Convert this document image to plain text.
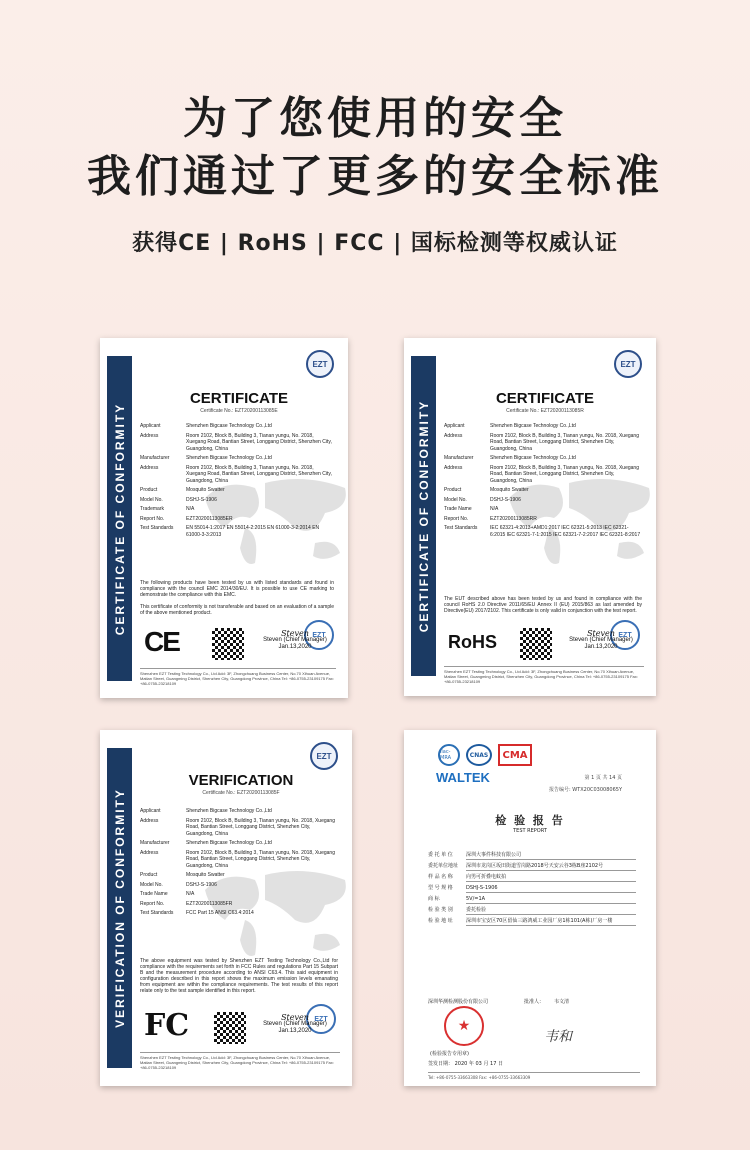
为了您使用的安全
我们通过了更多的安全标准
获得CE | RoHS | FCC | 国标检测等权威认证
CERTIFICATE OF CONFORMITY
EZT
CERTIFICATE
Certificate No.: EZT20200113085E
Applicant	Shenzhen Bigcase Technology Co.,Ltd
Address	Room 2102, Block B, Building 3, Tianan yungu, No. 2018, Xuegang Road, Bantian Street, Longgang District, Shenzhen City, Guangdong, China
Manufacturer	Shenzhen Bigcase Technology Co.,Ltd
Address	Room 2102, Block B, Building 3, Tianan yungu, No. 2018, Xuegang Road, Bantian Street, Longgang District, Shenzhen City, Guangdong, China
Product	Mosquito Swatter
Model No.	DSHJ-S-1906
Trademark	N/A
Report No.	EZT20200113085ER
Test Standards	EN 55014-1:2017 EN 55014-2:2015 EN 61000-3-2:2014 EN 61000-3-3:2013
The following products have been tested by us with listed standards and found in compliance with the council EMC 2014/30/EU. It is possible to use CE marking to demonstrate the compliance with this EMC.
This certificate of conformity is not transferable and based on an evaluation of a sample of the above mentioned product.
CE	EZT
Steven
Steven (Chief Manager)
Jan.13,2020
Shenzhen EZT Testing Technology Co., Ltd Add: 3F, Zhongchuang Business Center, No.70 Xihuan Avenue, Matian Street, Guangming District, Shenzhen City, Guangdong Province, China Tel: +86-0755-23109175 Fax: +86-0755-23218109
CERTIFICATE OF CONFORMITY
EZT
CERTIFICATE
Certificate No.: EZT20200113085R
Applicant	Shenzhen Bigcase Technology Co.,Ltd
Address	Room 2102, Block B, Building 3, Tianan yungu, No. 2018, Xuegang Road, Bantian Street, Longgang District, Shenzhen City, Guangdong, China
Manufacturer	Shenzhen Bigcase Technology Co.,Ltd
Address	Room 2102, Block B, Building 3, Tianan yungu, No. 2018, Xuegang Road, Bantian Street, Longgang District, Shenzhen City, Guangdong, China
Product	Mosquito Swatter
Model No.	DSHJ-S-1906
Trade Name	N/A
Report No.	EZT20200113085RR
Test Standards	IEC 62321-4:2013+AMD1:2017 IEC 62321-5:2013 IEC 62321-6:2015 IEC 62321-7-1:2015 IEC 62321-7-2:2017 IEC 62321-8:2017
The EUT described above has been tested by us and found in compliance with the council RoHS 2.0 Directive 2011/65/EU Annex II (EU) 2015/863 as last amended by Directive(EU) 2017/2102. This certificate is only valid in conjunction with the test report.
RoHS	EZT
Steven
Steven (Chief Manager)
Jan.13,2020
Shenzhen EZT Testing Technology Co., Ltd Add: 3F, Zhongchuang Business Center, No.70 Xihuan Avenue, Matian Street, Guangming District, Shenzhen City, Guangdong Province, China Tel: +86-0755-23109175 Fax: +86-0755-23218109
VERIFICATION OF CONFORMITY
EZT
VERIFICATION
Certificate No.: EZT20200113085F
Applicant	Shenzhen Bigcase Technology Co.,Ltd
Address	Room 2102, Block B, Building 3, Tianan yungu, No. 2018, Xuegang Road, Bantian Street, Longgang District, Shenzhen City, Guangdong, China
Manufacturer	Shenzhen Bigcase Technology Co.,Ltd
Address	Room 2102, Block B, Building 3, Tianan yungu, No. 2018, Xuegang Road, Bantian Street, Longgang District, Shenzhen City, Guangdong, China
Product	Mosquito Swatter
Model No.	DSHJ-S-1906
Trade Name	N/A
Report No.	EZT20200113085FR
Test Standards	FCC Part 15 ANSI C63.4:2014
The above equipment was tested by Shenzhen EZT Testing Technology Co.,Ltd for compliance with the requirements set forth in FCC Rules and regulations Part 15 Subpart B and the measurement procedure according to ANSI C63.4. This said equipment in configuration described in this report shows the maximum emission levels emanating from equipment are within the compliance requirements. The test results of this report relate only to the test sample identified in this report.
FC	EZT
Steven
Steven (Chief Manager)
Jan.13,2020
Shenzhen EZT Testing Technology Co., Ltd Add: 3F, Zhongchuang Business Center, No.70 Xihuan Avenue, Matian Street, Guangming District, Shenzhen City, Guangdong Province, China Tel: +86-0755-23109175 Fax: +86-0755-23218109
ilac-MRA	CNAS	CMA
WALTEK	第 1 页 共 14 页
报告编号: WTX20C03008065Y
检 验 报 告
TEST REPORT
委 托 单 位	深圳大事件科技有限公司
委托单位地址	深圳市龙岗区坂田街道雪岗路2018号天安云谷3栋B座2102号
样 品 名 称	向男可折叠电蚊拍
型 号 规 格	DSHJ-S-1906
商 标	5V/=1A
检 验 类 别	委托检验
检 验 地 址	深圳市宝安区70区留仙三路鸿威工业园厂房1栋101(A栋)厂房一楼
深圳华测检测股份有限公司	批准人： 韦文清
★
(检验报告专用章)
韦和
签发日期： 2020 年 03 月 17 日
Tel: +86-0755-33663308 Fax: +86-0755-33663309
